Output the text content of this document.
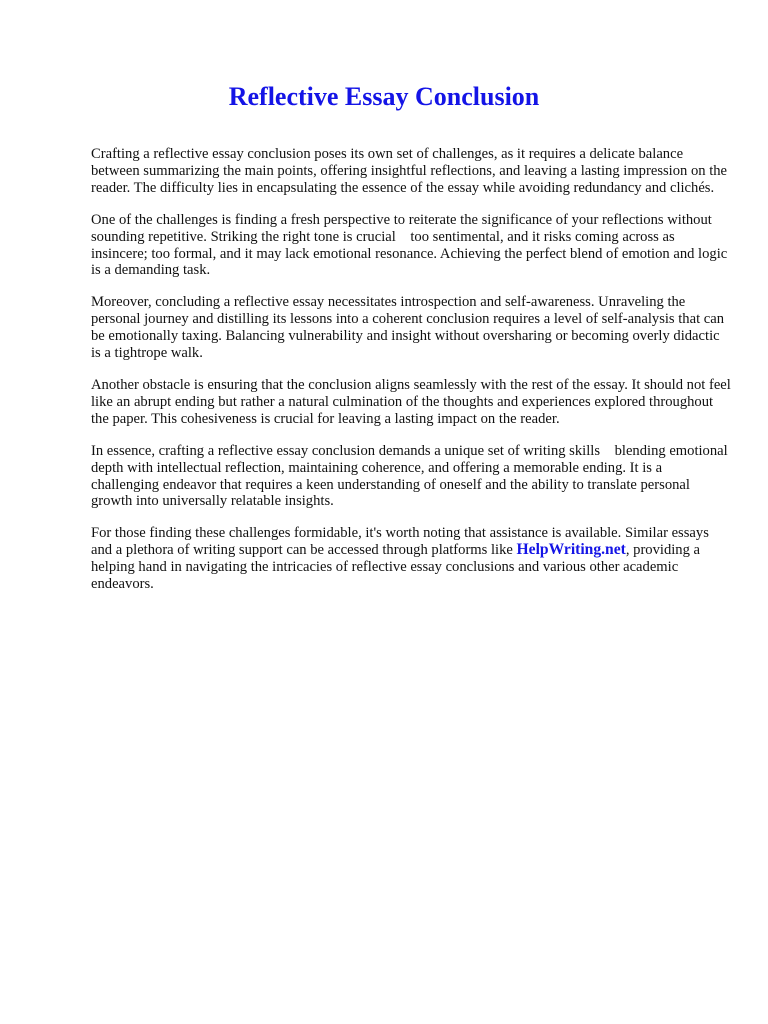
Reflective Essay Conclusion

Crafting a reflective essay conclusion poses its own set of challenges, as it requires a delicate balance between summarizing the main points, offering insightful reflections, and leaving a lasting impression on the reader. The difficulty lies in encapsulating the essence of the essay while avoiding redundancy and clichés.

One of the challenges is finding a fresh perspective to reiterate the significance of your reflections without sounding repetitive. Striking the right tone is crucial    too sentimental, and it risks coming across as insincere; too formal, and it may lack emotional resonance. Achieving the perfect blend of emotion and logic is a demanding task.

Moreover, concluding a reflective essay necessitates introspection and self-awareness. Unraveling the personal journey and distilling its lessons into a coherent conclusion requires a level of self-analysis that can be emotionally taxing. Balancing vulnerability and insight without oversharing or becoming overly didactic is a tightrope walk.

Another obstacle is ensuring that the conclusion aligns seamlessly with the rest of the essay. It should not feel like an abrupt ending but rather a natural culmination of the thoughts and experiences explored throughout the paper. This cohesiveness is crucial for leaving a lasting impact on the reader.

In essence, crafting a reflective essay conclusion demands a unique set of writing skills    blending emotional depth with intellectual reflection, maintaining coherence, and offering a memorable ending. It is a challenging endeavor that requires a keen understanding of oneself and the ability to translate personal growth into universally relatable insights.

For those finding these challenges formidable, it's worth noting that assistance is available. Similar essays and a plethora of writing support can be accessed through platforms like HelpWriting.net, providing a helping hand in navigating the intricacies of reflective essay conclusions and various other academic endeavors.
